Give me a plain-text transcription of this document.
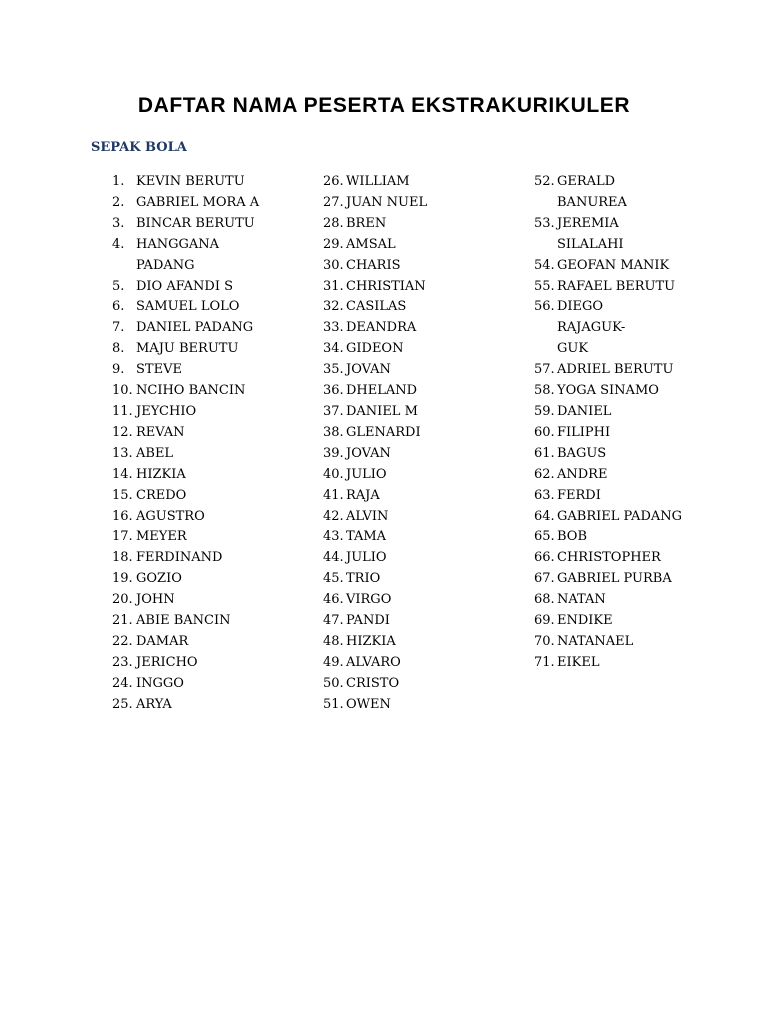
DAFTAR NAMA PESERTA EKSTRAKURIKULER
SEPAK BOLA
1. KEVIN BERUTU
2. GABRIEL MORA A
3. BINCAR BERUTU
4. HANGGANA
PADANG
5. DIO AFANDI S
6. SAMUEL LOLO
7. DANIEL PADANG
8. MAJU BERUTU
9. STEVE
10. NCIHO BANCIN
11. JEYCHIO
12. REVAN
13. ABEL
14. HIZKIA
15. CREDO
16. AGUSTRO
17. MEYER
18. FERDINAND
19. GOZIO
20. JOHN
21. ABIE BANCIN
22. DAMAR
23. JERICHO
24. INGGO
25. ARYA
26. WILLIAM
27. JUAN NUEL
28. BREN
29. AMSAL
30. CHARIS
31. CHRISTIAN
32. CASILAS
33. DEANDRA
34. GIDEON
35. JOVAN
36. DHELAND
37. DANIEL M
38. GLENARDI
39. JOVAN
40. JULIO
41. RAJA
42. ALVIN
43. TAMA
44. JULIO
45. TRIO
46. VIRGO
47. PANDI
48. HIZKIA
49. ALVARO
50. CRISTO
51. OWEN
52. GERALD
BANUREA
53. JEREMIA
SILALAHI
54. GEOFAN MANIK
55. RAFAEL BERUTU
56. DIEGO    RAJAGUK-
GUK
57. ADRIEL BERUTU
58. YOGA SINAMO
59. DANIEL
60. FILIPHI
61. BAGUS
62. ANDRE
63. FERDI
64. GABRIEL PADANG
65. BOB
66. CHRISTOPHER
67. GABRIEL PURBA
68. NATAN
69. ENDIKE
70. NATANAEL
71. EIKEL
